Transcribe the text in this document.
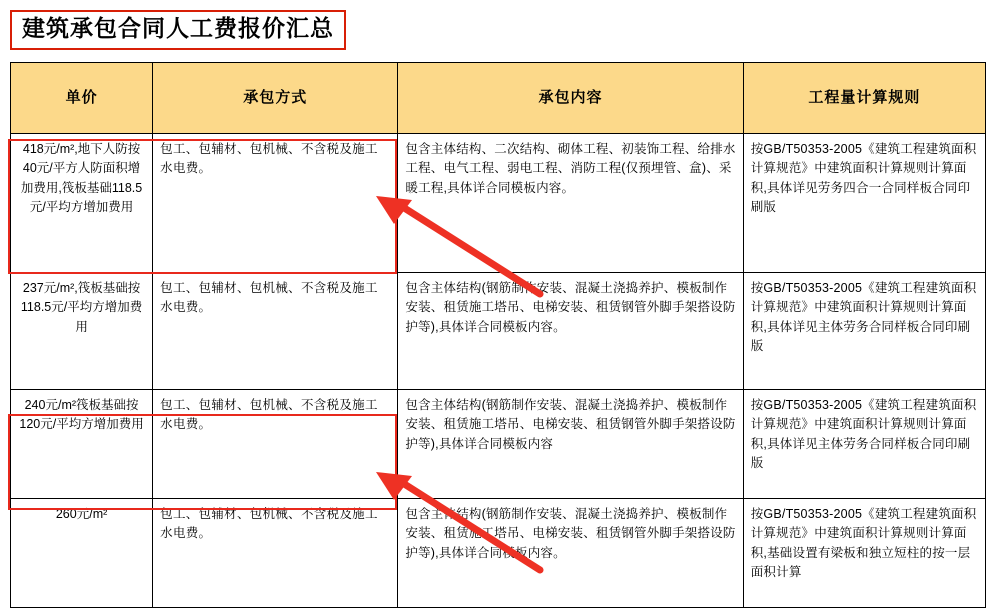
建筑承包合同人工费报价汇总
单价	承包方式	承包内容	工程量计算规则
418元/m²,地下人防按40元/平方人防面积增加费用,筏板基础118.5元/平均方增加费用	包工、包辅材、包机械、不含税及施工水电费。	包含主体结构、二次结构、砌体工程、初装饰工程、给排水工程、电气工程、弱电工程、消防工程(仅预埋管、盒)、采暖工程,具体详合同模板内容。	按GB/T50353-2005《建筑工程建筑面积计算规范》中建筑面积计算规则计算面积,具体详见劳务四合一合同样板合同印刷版
237元/m²,筏板基础按118.5元/平均方增加费用	包工、包辅材、包机械、不含税及施工水电费。	包含主体结构(钢筋制作安装、混凝土浇捣养护、模板制作安装、租赁施工塔吊、电梯安装、租赁钢管外脚手架搭设防护等),具体详合同模板内容。	按GB/T50353-2005《建筑工程建筑面积计算规范》中建筑面积计算规则计算面积,具体详见主体劳务合同样板合同印刷版
240元/m²筏板基础按120元/平均方增加费用	包工、包辅材、包机械、不含税及施工水电费。	包含主体结构(钢筋制作安装、混凝土浇捣养护、模板制作安装、租赁施工塔吊、电梯安装、租赁钢管外脚手架搭设防护等),具体详合同模板内容	按GB/T50353-2005《建筑工程建筑面积计算规范》中建筑面积计算规则计算面积,具体详见主体劳务合同样板合同印刷版
260元/m²	包工、包辅材、包机械、不含税及施工水电费。	包含主体结构(钢筋制作安装、混凝土浇捣养护、模板制作安装、租赁施工塔吊、电梯安装、租赁钢管外脚手架搭设防护等),具体详合同模板内容。	按GB/T50353-2005《建筑工程建筑面积计算规范》中建筑面积计算规则计算面积,基础设置有梁板和独立短柱的按一层面积计算
